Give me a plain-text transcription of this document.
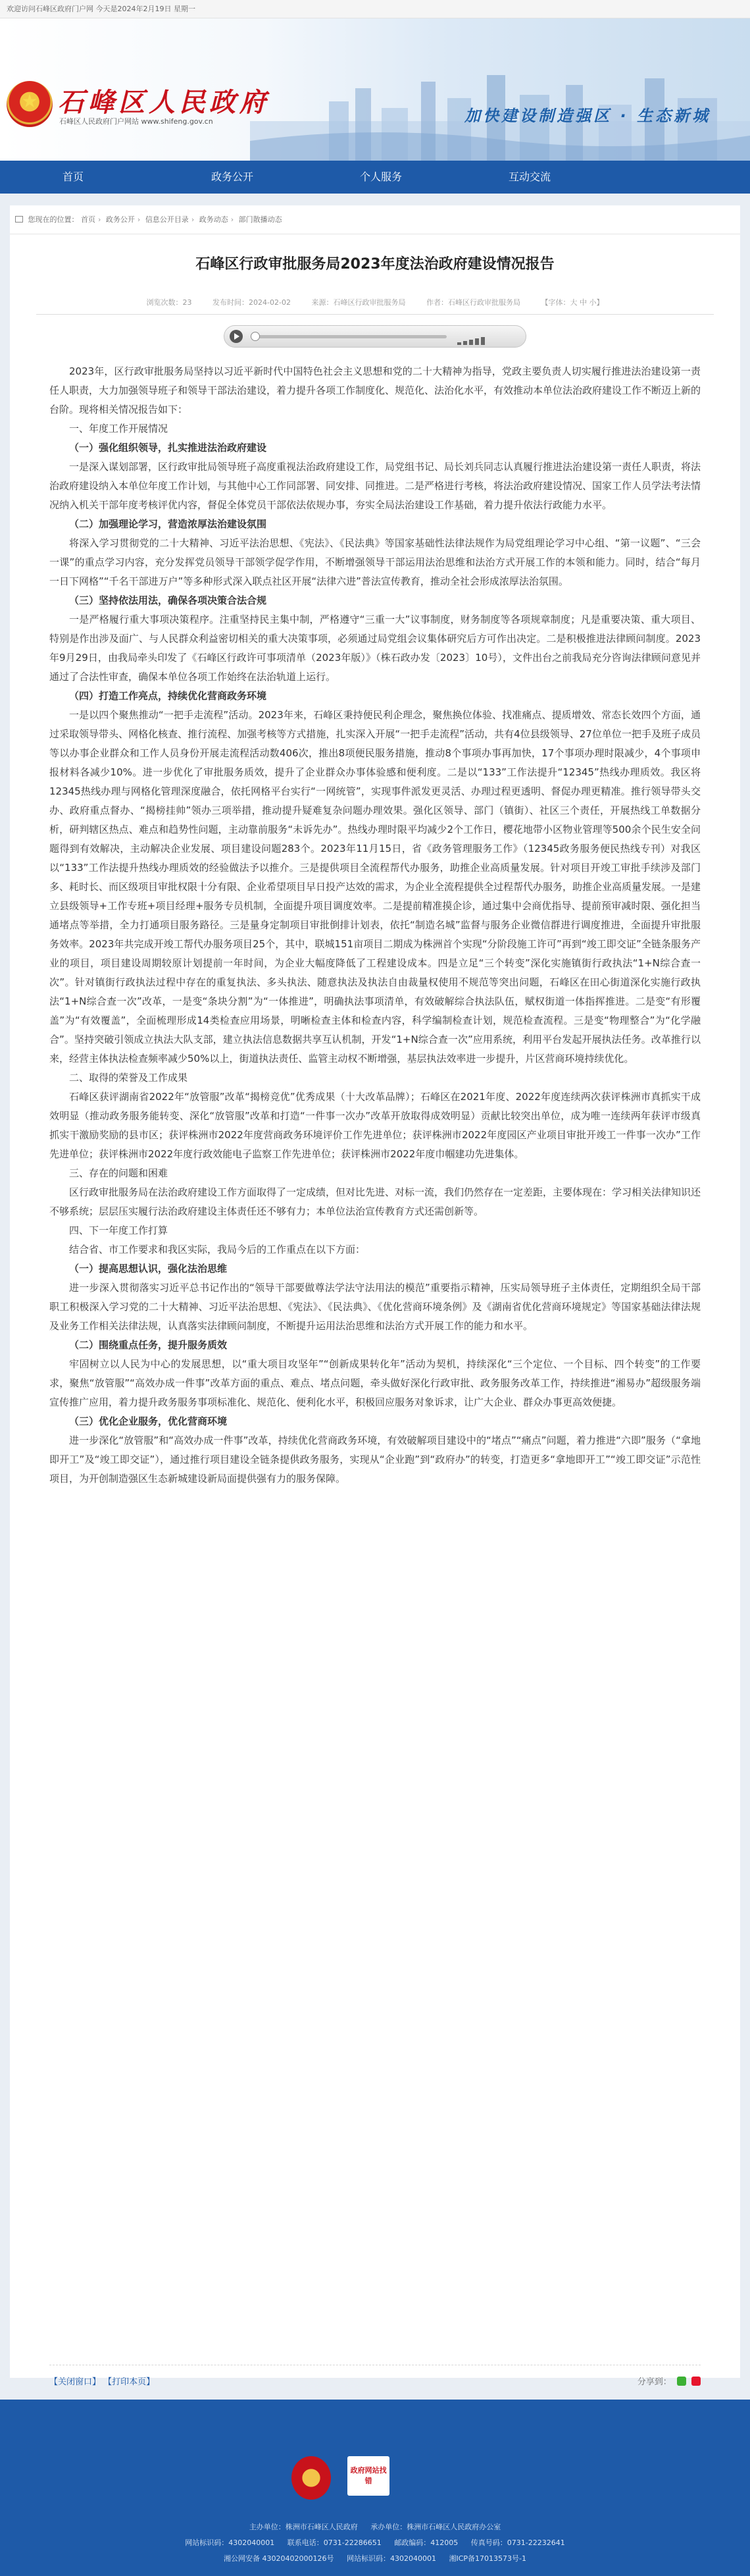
欢迎访问石峰区政府门户网 今天是2024年2月19日 星期一
★
石峰区人民政府
石峰区人民政府门户网站 www.shifeng.gov.cn	加快建设制造强区 · 生态新城
首页	政务公开	个人服务	互动交流
您现在的位置： 首页 › 政务公开 › 信息公开目录 › 政务动态 › 部门散播动态
石峰区行政审批服务局2023年度法治政府建设情况报告
浏览次数：23	发布时间：2024-02-02	来源：石峰区行政审批服务局	作者：石峰区行政审批服务局	【字体：大 中 小】

2023年，区行政审批服务局坚持以习近平新时代中国特色社会主义思想和党的二十大精神为指导，党政主要负责人切实履行推进法治建设第一责任人职责，大力加强领导班子和领导干部法治建设，着力提升各项工作制度化、规范化、法治化水平，有效推动本单位法治政府建设工作不断迈上新的台阶。现将相关情况报告如下：

一、年度工作开展情况

（一）强化组织领导，扎实推进法治政府建设

一是深入谋划部署，区行政审批局领导班子高度重视法治政府建设工作，局党组书记、局长刘兵同志认真履行推进法治建设第一责任人职责，将法治政府建设纳入本单位年度工作计划，与其他中心工作同部署、同安排、同推进。二是严格进行考核，将法治政府建设情况、国家工作人员学法考法情况纳入机关干部年度考核评优内容，督促全体党员干部依法依规办事，夯实全局法治建设工作基础，着力提升依法行政能力水平。

（二）加强理论学习，营造浓厚法治建设氛围

将深入学习贯彻党的二十大精神、习近平法治思想、《宪法》、《民法典》等国家基础性法律法规作为局党组理论学习中心组、“第一议题”、“三会一课”的重点学习内容，充分发挥党员领导干部领学促学作用，不断增强领导干部运用法治思维和法治方式开展工作的本领和能力。同时，结合“每月一日下网格”“千名干部进万户”等多种形式深入联点社区开展“法律六进”普法宣传教育，推动全社会形成浓厚法治氛围。

（三）坚持依法用法，确保各项决策合法合规

一是严格履行重大事项决策程序。注重坚持民主集中制，严格遵守“三重一大”议事制度，财务制度等各项规章制度；凡是重要决策、重大项目、特别是作出涉及面广、与人民群众利益密切相关的重大决策事项，必须通过局党组会议集体研究后方可作出决定。二是积极推进法律顾问制度。2023年9月29日，由我局牵头印发了《石峰区行政许可事项清单（2023年版）》（株石政办发〔2023〕10号），文件出台之前我局充分咨询法律顾问意见并通过了合法性审查，确保本单位各项工作始终在法治轨道上运行。

（四）打造工作亮点，持续优化营商政务环境

一是以四个聚焦推动“一把手走流程”活动。2023年来，石峰区秉持便民利企理念，聚焦换位体验、找准痛点、提质增效、常态长效四个方面，通过采取领导带头、网格化核查、推行流程、加强考核等方式措施，扎实深入开展“一把手走流程”活动，共有4位县级领导、27位单位一把手及班子成员等以办事企业群众和工作人员身份开展走流程活动数406次，推出8项便民服务措施，推动8个事项办事再加快，17个事项办理时限减少，4个事项申报材料各减少10%。进一步优化了审批服务质效，提升了企业群众办事体验感和便利度。二是以“133”工作法提升“12345”热线办理质效。我区将12345热线办理与网格化管理深度融合，依托网格平台实行“一网统管”，实现事件派发更灵活、办理过程更透明、督促办理更精准。推行领导带头交办、政府重点督办、“揭榜挂帅”领办三项举措，推动提升疑难复杂问题办理效果。强化区领导、部门（镇街）、社区三个责任，开展热线工单数据分析，研判辖区热点、难点和趋势性问题，主动靠前服务“未诉先办”。热线办理时限平均减少2个工作日，樱花地带小区物业管理等500余个民生安全问题得到有效解决，主动解决企业发展、项目建设问题283个。2023年11月15日，省《政务管理服务工作》（12345政务服务便民热线专刊）对我区以“133”工作法提升热线办理质效的经验做法予以推介。三是提供项目全流程帮代办服务，助推企业高质量发展。针对项目开竣工审批手续涉及部门多、耗时长、而区级项目审批权限十分有限、企业希望项目早日投产达效的需求，为企业全流程提供全过程帮代办服务，助推企业高质量发展。一是建立县级领导+工作专班+项目经理+服务专员机制，全面提升项目调度效率。二是提前精准摸企诊，通过集中会商优指导、提前预审减时限、强化担当通堵点等举措，全力打通项目服务路径。三是量身定制项目审批倒排计划表，依托“制造名城”监督与服务企业微信群进行调度推进，全面提升审批服务效率。2023年共完成开竣工帮代办服务项目25个，其中，联城151亩项目二期成为株洲首个实现“分阶段施工许可”再到“竣工即交证”全链条服务产业的项目，项目建设周期较原计划提前一年时间，为企业大幅度降低了工程建设成本。四是立足“三个转变”深化实施镇街行政执法“1+N综合查一次”。针对镇街行政执法过程中存在的重复执法、多头执法、随意执法及执法自由裁量权使用不规范等突出问题，石峰区在田心街道深化实施行政执法“1+N综合查一次”改革，一是变“条块分割”为“一体推进”，明确执法事项清单，有效破解综合执法队伍，赋权街道一体指挥推进。二是变“有形覆盖”为“有效覆盖”，全面梳理形成14类检查应用场景，明晰检查主体和检查内容，科学编制检查计划，规范检查流程。三是变“物理整合”为“化学融合”。坚持突破引领成立执法大队支部，建立执法信息数据共享互认机制，开发“1+N综合查一次”应用系统，利用平台发起开展执法任务。改革推行以来，经营主体执法检查频率减少50%以上，街道执法责任、监管主动权不断增强，基层执法效率进一步提升，片区营商环境持续优化。

二、取得的荣誉及工作成果

石峰区获评湖南省2022年“放管服”改革“揭榜竞优”优秀成果（十大改革品牌）；石峰区在2021年度、2022年度连续两次获评株洲市真抓实干成效明显（推动政务服务能转变、深化“放管服”改革和打造“一件事一次办”改革开放取得成效明显）贡献比较突出单位，成为唯一连续两年获评市级真抓实干激励奖励的县市区；获评株洲市2022年度营商政务环境评价工作先进单位；获评株洲市2022年度园区产业项目审批开竣工一件事一次办”工作先进单位；获评株洲市2022年度行政效能电子监察工作先进单位；获评株洲市2022年度巾帼建功先进集体。

三、存在的问题和困难

区行政审批服务局在法治政府建设工作方面取得了一定成绩，但对比先进、对标一流，我们仍然存在一定差距，主要体现在：学习相关法律知识还不够系统；层层压实履行法治政府建设主体责任还不够有力；本单位法治宣传教育方式还需创新等。

四、下一年度工作打算

结合省、市工作要求和我区实际，我局今后的工作重点在以下方面：

（一）提高思想认识，强化法治思维

进一步深入贯彻落实习近平总书记作出的“领导干部要做尊法学法守法用法的模范”重要指示精神，压实局领导班子主体责任，定期组织全局干部职工积极深入学习党的二十大精神、习近平法治思想、《宪法》、《民法典》、《优化营商环境条例》及《湖南省优化营商环境规定》等国家基础法律法规及业务工作相关法律法规，认真落实法律顾问制度，不断提升运用法治思维和法治方式开展工作的能力和水平。

（二）围绕重点任务，提升服务质效

牢固树立以人民为中心的发展思想，以“重大项目攻坚年”“创新成果转化年”活动为契机，持续深化“三个定位、一个目标、四个转变”的工作要求，聚焦“放管服”“高效办成一件事”改革方面的重点、难点、堵点问题，牵头做好深化行政审批、政务服务改革工作，持续推进“湘易办”超级服务端宣传推广应用，着力提升政务服务事项标准化、规范化、便利化水平，积极回应服务对象诉求，让广大企业、群众办事更高效便捷。

（三）优化企业服务，优化营商环境

进一步深化“放管服”和“高效办成一件事”改革，持续优化营商政务环境，有效破解项目建设中的“堵点”“痛点”问题，着力推进“六即”服务（“拿地即开工”及“竣工即交证”），通过推行项目建设全链条提供政务服务，实现从“企业跑”到“政府办”的转变，打造更多“拿地即开工”“竣工即交证”示范性项目，为开创制造强区生态新城建设新局面提供强有力的服务保障。

【关闭窗口】 【打印本页】	分享到：
政府网站找错
主办单位：株洲市石峰区人民政府 承办单位：株洲市石峰区人民政府办公室
网站标识码：4302040001 联系电话：0731-22286651 邮政编码：412005 传真号码：0731-22232641
湘公网安备 43020402000126号 网站标识码：4302040001 湘ICP备17013573号-1
